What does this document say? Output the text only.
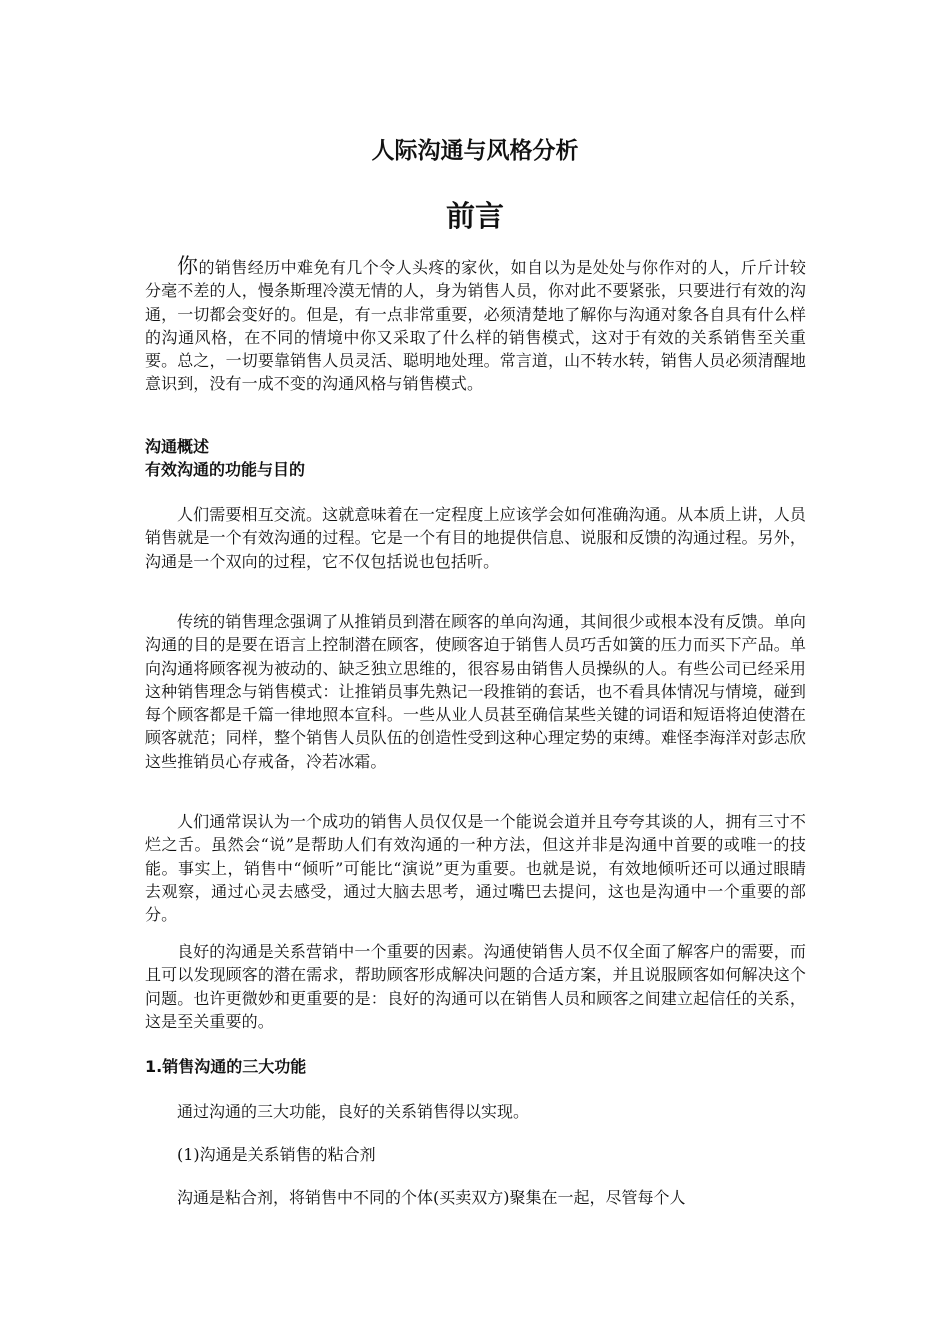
人际沟通与风格分析
前言

你的销售经历中难免有几个令人头疼的家伙，如自以为是处处与你作对的人，斤斤计较分毫不差的人，慢条斯理冷漠无情的人，身为销售人员，你对此不要紧张，只要进行有效的沟通，一切都会变好的。但是，有一点非常重要，必须清楚地了解你与沟通对象各自具有什么样的沟通风格，在不同的情境中你又采取了什么样的销售模式，这对于有效的关系销售至关重要。总之，一切要靠销售人员灵活、聪明地处理。常言道，山不转水转，销售人员必须清醒地意识到，没有一成不变的沟通风格与销售模式。

沟通概述
有效沟通的功能与目的

人们需要相互交流。这就意味着在一定程度上应该学会如何准确沟通。从本质上讲，人员销售就是一个有效沟通的过程。它是一个有目的地提供信息、说服和反馈的沟通过程。另外，沟通是一个双向的过程，它不仅包括说也包括听。

传统的销售理念强调了从推销员到潜在顾客的单向沟通，其间很少或根本没有反馈。单向沟通的目的是要在语言上控制潜在顾客，使顾客迫于销售人员巧舌如簧的压力而买下产品。单向沟通将顾客视为被动的、缺乏独立思维的，很容易由销售人员操纵的人。有些公司已经采用这种销售理念与销售模式：让推销员事先熟记一段推销的套话，也不看具体情况与情境，碰到每个顾客都是千篇一律地照本宣科。一些从业人员甚至确信某些关键的词语和短语将迫使潜在顾客就范；同样，整个销售人员队伍的创造性受到这种心理定势的束缚。难怪李海洋对彭志欣这些推销员心存戒备，冷若冰霜。

人们通常误认为一个成功的销售人员仅仅是一个能说会道并且夸夸其谈的人，拥有三寸不烂之舌。虽然会“说”是帮助人们有效沟通的一种方法，但这并非是沟通中首要的或唯一的技能。事实上，销售中“倾听”可能比“演说”更为重要。也就是说，有效地倾听还可以通过眼睛去观察，通过心灵去感受，通过大脑去思考，通过嘴巴去提问，这也是沟通中一个重要的部分。

良好的沟通是关系营销中一个重要的因素。沟通使销售人员不仅全面了解客户的需要，而且可以发现顾客的潜在需求，帮助顾客形成解决问题的合适方案，并且说服顾客如何解决这个问题。也许更微妙和更重要的是：良好的沟通可以在销售人员和顾客之间建立起信任的关系，这是至关重要的。

1.销售沟通的三大功能

通过沟通的三大功能，良好的关系销售得以实现。

(1)沟通是关系销售的粘合剂

沟通是粘合剂，将销售中不同的个体(买卖双方)聚集在一起，尽管每个人
